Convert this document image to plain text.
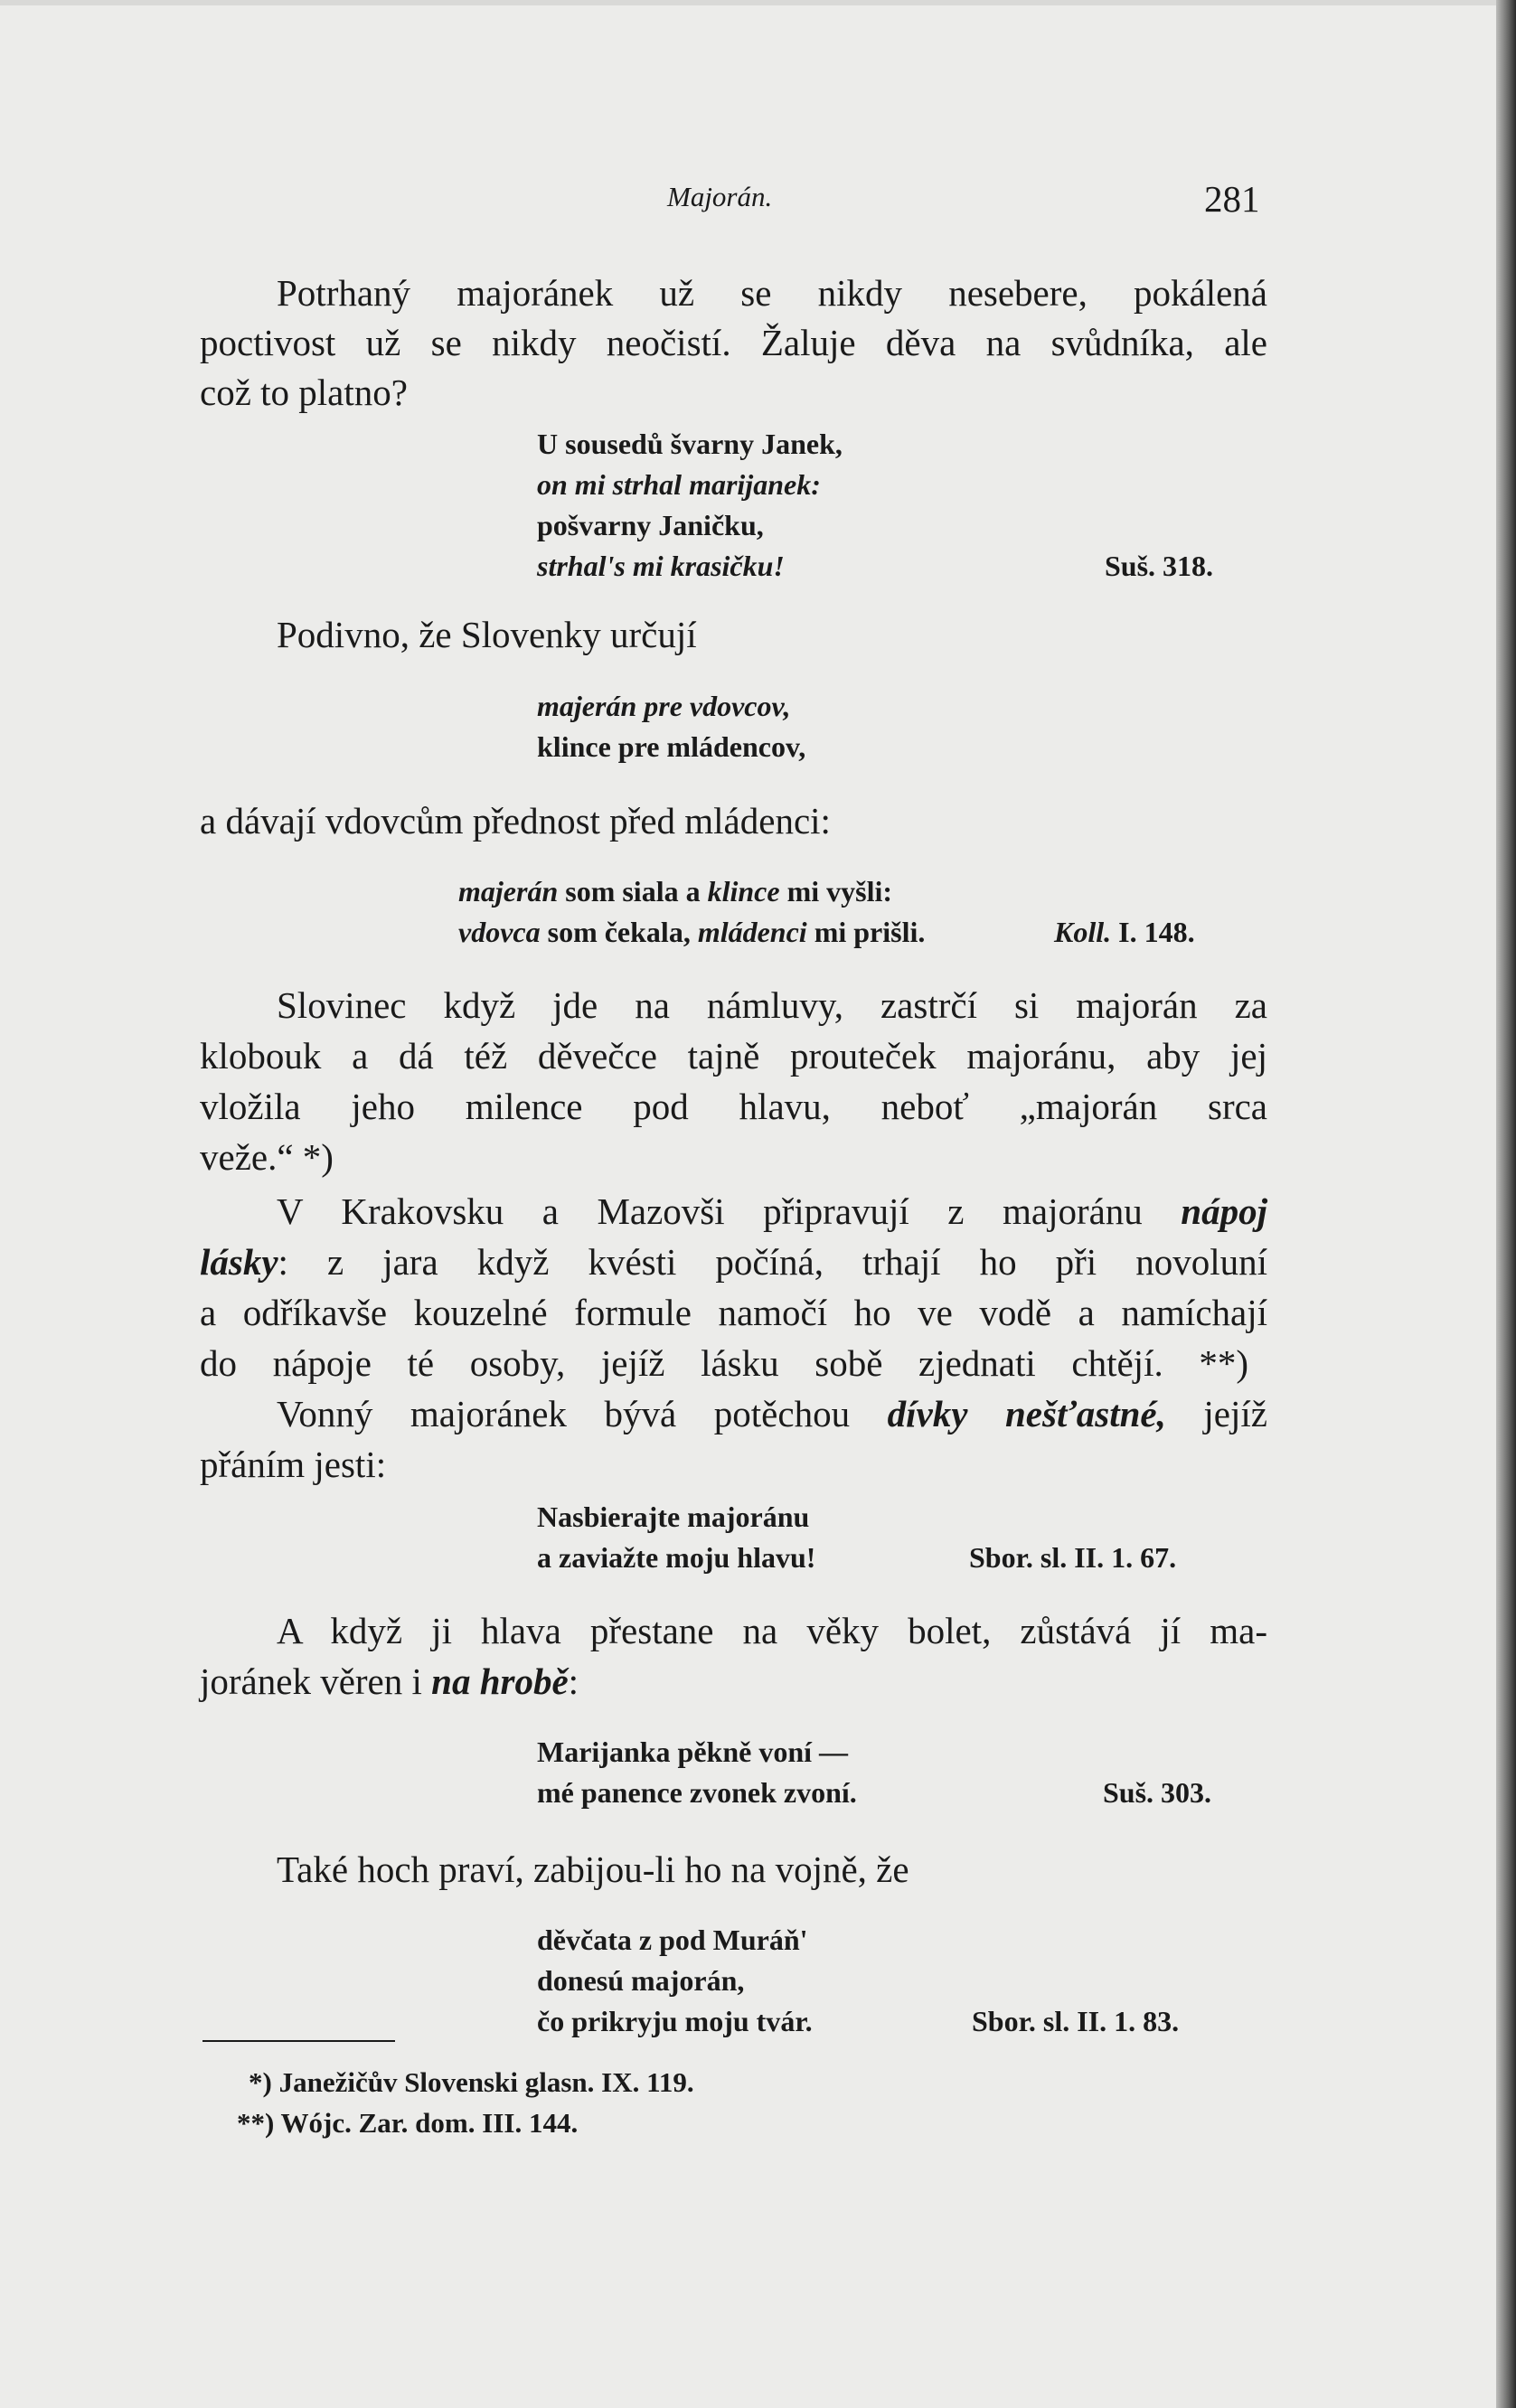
Majorán.	281
Potrhaný majoránek už se nikdy nesebere, pokálená
poctivost už se nikdy neočistí. Žaluje děva na svůdníka, ale
což to platno?
U sousedů švarny Janek,
on mi strhal marijanek:
pošvarny Janičku,
strhal's mi krasičku!	Suš. 318.
Podivno, že Slovenky určují
majerán pre vdovcov,
klince pre mládencov,
a dávají vdovcům přednost před mládenci:
majerán som siala a klince mi vyšli:
vdovca som čekala, mládenci mi prišli.	Koll. I. 148.
Slovinec když jde na námluvy, zastrčí si majorán za
klobouk a dá též děvečce tajně prouteček majoránu, aby jej
vložila jeho milence pod hlavu, neboť „majorán srca
veže.“ *)
V Krakovsku a Mazovši připravují z majoránu nápoj
lásky: z jara když kvésti počíná, trhají ho při novoluní
a odříkavše kouzelné formule namočí ho ve vodě a namíchají
do nápoje té osoby, jejíž lásku sobě zjednati chtějí. **)
Vonný majoránek bývá potěchou dívky nešťastné, jejíž
přáním jesti:
Nasbierajte majoránu
a zaviažte moju hlavu!	Sbor. sl. II. 1. 67.
A když ji hlava přestane na věky bolet, zůstává jí ma-
joránek věren i na hrobě:
Marijanka pěkně voní —
mé panence zvonek zvoní.	Suš. 303.
Také hoch praví, zabijou-li ho na vojně, že
děvčata z pod Muráň'
donesú majorán,
čo prikryju moju tvár.	Sbor. sl. II. 1. 83.
*) Janežičův Slovenski glasn. IX. 119.
**) Wójc. Zar. dom. III. 144.
